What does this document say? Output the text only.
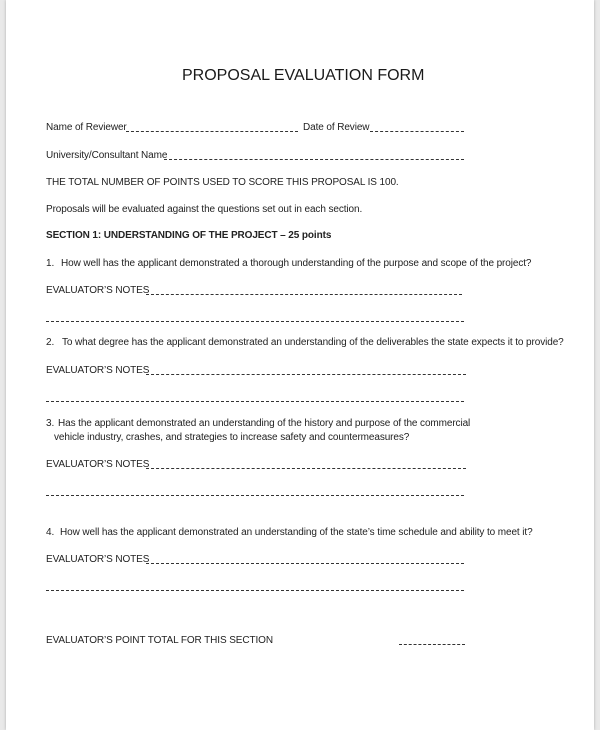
PROPOSAL EVALUATION FORM
Name of Reviewer	Date of Review
University/Consultant Name
THE TOTAL NUMBER OF POINTS USED TO SCORE THIS PROPOSAL IS 100.
Proposals will be evaluated against the questions set out in each section.
SECTION 1: UNDERSTANDING OF THE PROJECT – 25 points
1. How well has the applicant demonstrated a thorough understanding of the purpose and scope of the project?
EVALUATOR’S NOTES
2. To what degree has the applicant demonstrated an understanding of the deliverables the state expects it to provide?
EVALUATOR’S NOTES
3. Has the applicant demonstrated an understanding of the history and purpose of the commercial
vehicle industry, crashes, and strategies to increase safety and countermeasures?
EVALUATOR’S NOTES
4. How well has the applicant demonstrated an understanding of the state’s time schedule and ability to meet it?
EVALUATOR’S NOTES
EVALUATOR’S POINT TOTAL FOR THIS SECTION
